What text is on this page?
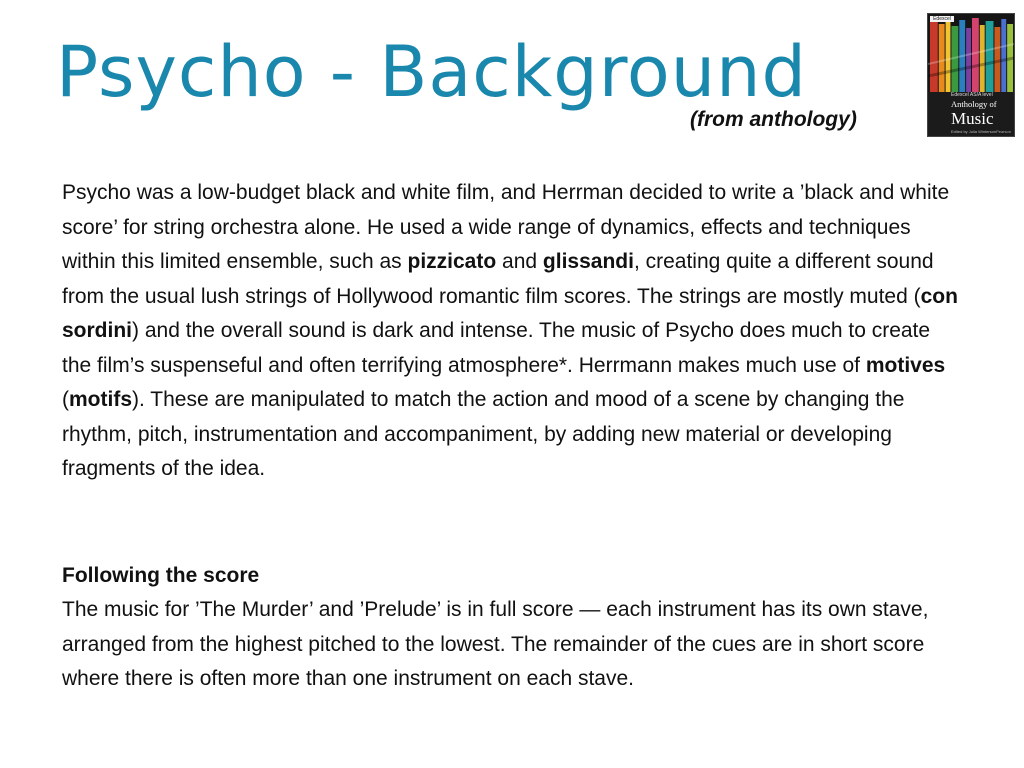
Psycho - Background

(from anthology)

Edexcel
Edexcel AS/A level
Anthology of
Music
Edited by Julia Winterson Pearson

Psycho was a low-budget black and white film, and Herrman decided to write a ’black and white score’ for string orchestra alone. He used a wide range of dynamics, effects and techniques within this limited ensemble, such as pizzicato and glissandi, creating quite a different sound from the usual lush strings of Hollywood romantic film scores. The strings are mostly muted (con sordini) and the overall sound is dark and intense. The music of Psycho does much to create the film’s suspenseful and often terrifying atmosphere*. Herrmann makes much use of motives (motifs). These are manipulated to match the action and mood of a scene by changing the rhythm, pitch, instrumentation and accompaniment, by adding new material or developing fragments of the idea.

Following the score

The music for ’The Murder’ and ’Prelude’ is in full score — each instrument has its own stave, arranged from the highest pitched to the lowest. The remainder of the cues are in short score where there is often more than one instrument on each stave.
